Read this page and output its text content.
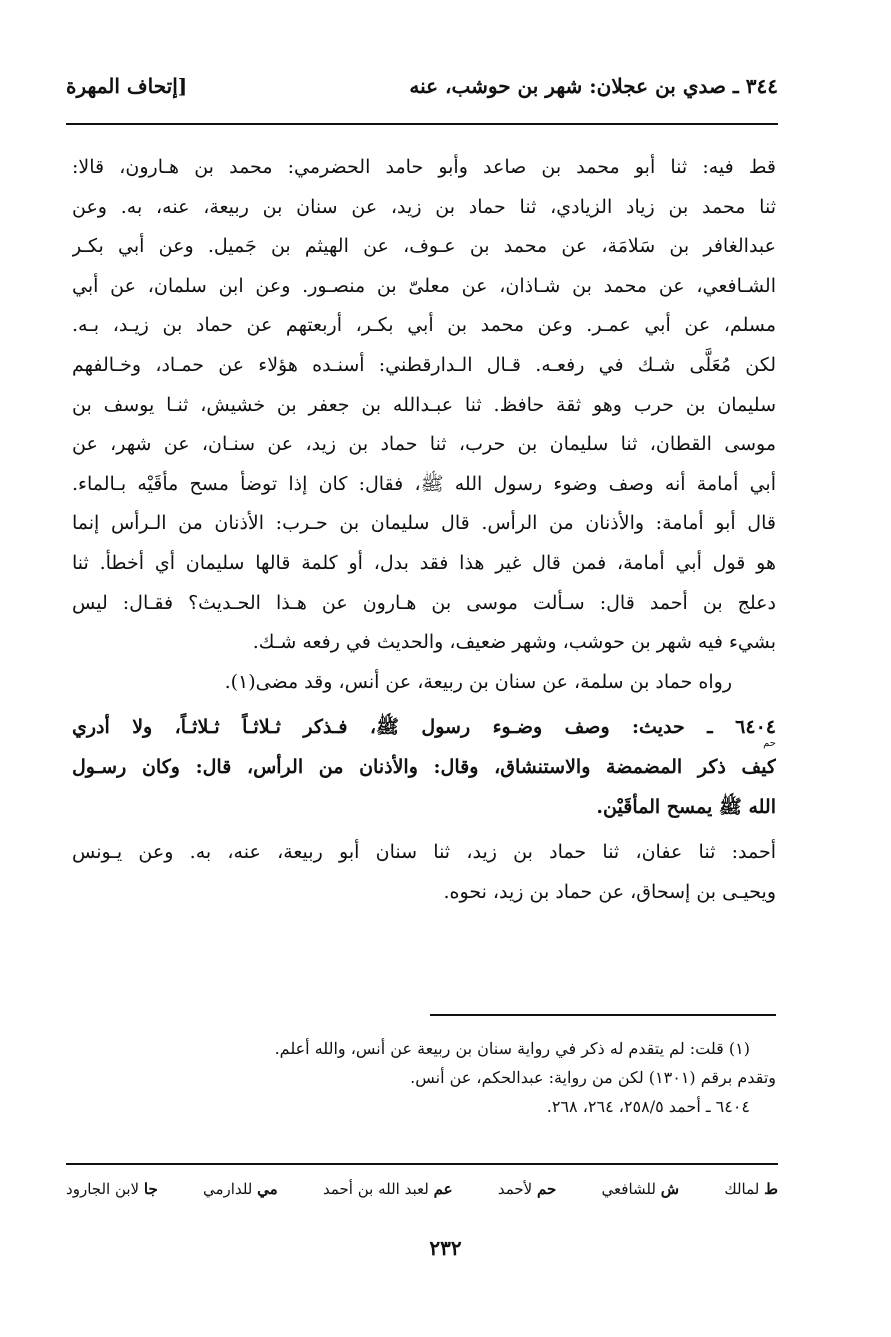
٣٤٤ ـ صدي بن عجلان: شهر بن حوشب، عنه
[إتحاف المهرة
قط فيه: ثنا أبو محمد بن صاعد وأبو حامد الحضرمي: محمد بن هـارون، قالا:
ثنا محمد بن زياد الزيادي، ثنا حماد بن زيد، عن سنان بن ربيعة، عنه، به. وعن
عبدالغافر بن سَلامَة، عن محمد بن عـوف، عن الهيثم بن جَميل. وعن أبي بكـر
الشـافعي، عن محمد بن شـاذان، عن معلىّ بن منصـور. وعن ابن سلمان، عن أبي
مسلم، عن أبي عمـر. وعن محمد بن أبي بكـر، أربعتهم عن حماد بن زيـد، بـه.
لكن مُعَلَّى شـك في رفعـه. قـال الـدارقطني: أسنـده هؤلاء عن حمـاد، وخـالفهم
سليمان بن حرب وهو ثقة حافظ. ثنا عبـدالله بن جعفر بن خشيش، ثنـا يوسف بن
موسى القطان، ثنا سليمان بن حرب، ثنا حماد بن زيد، عن سنـان، عن شهر، عن
أبي أمامة أنه وصف وضوء رسول الله ﷺ، فقال: كان إذا توضأ مسح مأقَيْه بـالماء.
قال أبو أمامة: والأذنان من الرأس. قال سليمان بن حـرب: الأذنان من الـرأس إنما
هو قول أبي أمامة، فمن قال غير هذا فقد بدل، أو كلمة قالها سليمان أي أخطأ. ثنا
دعلج بن أحمد قال: سـألت موسى بن هـارون عن هـذا الحـديث؟ فقـال: ليس
بشيء فيه شهر بن حوشب، وشهر ضعيف، والحديث في رفعه شـك.
رواه حماد بن سلمة، عن سنان بن ربيعة، عن أنس، وقد مضى(١).
٦٤٠٤ ـ حديث: وصف وضـوء رسول ﷺ، فـذكر ثـلاثـاً ثـلاثـاً، ولا أدري
حم
كيف ذكر المضمضة والاستنشاق، وقال: والأذنان من الرأس، قال: وكان رسـول
الله ﷺ يمسح المأقَيْن.
أحمد: ثنا عفان، ثنا حماد بن زيد، ثنا سنان أبو ربيعة، عنه، به. وعن يـونس
ويحيـى بن إسحاق، عن حماد بن زيد، نحوه.
(١) قلت: لم يتقدم له ذكر في رواية سنان بن ربيعة عن أنس، والله أعلم.
وتقدم برقم (١٣٠١) لكن من رواية: عبدالحكم، عن أنس.
٦٤٠٤ ـ أحمد ٢٥٨/٥، ٢٦٤، ٢٦٨.
ط لمالك
ش للشافعي
حم لأحمد
عم لعبد الله بن أحمد
مي للدارمي
جا لابن الجارود
٢٣٢
